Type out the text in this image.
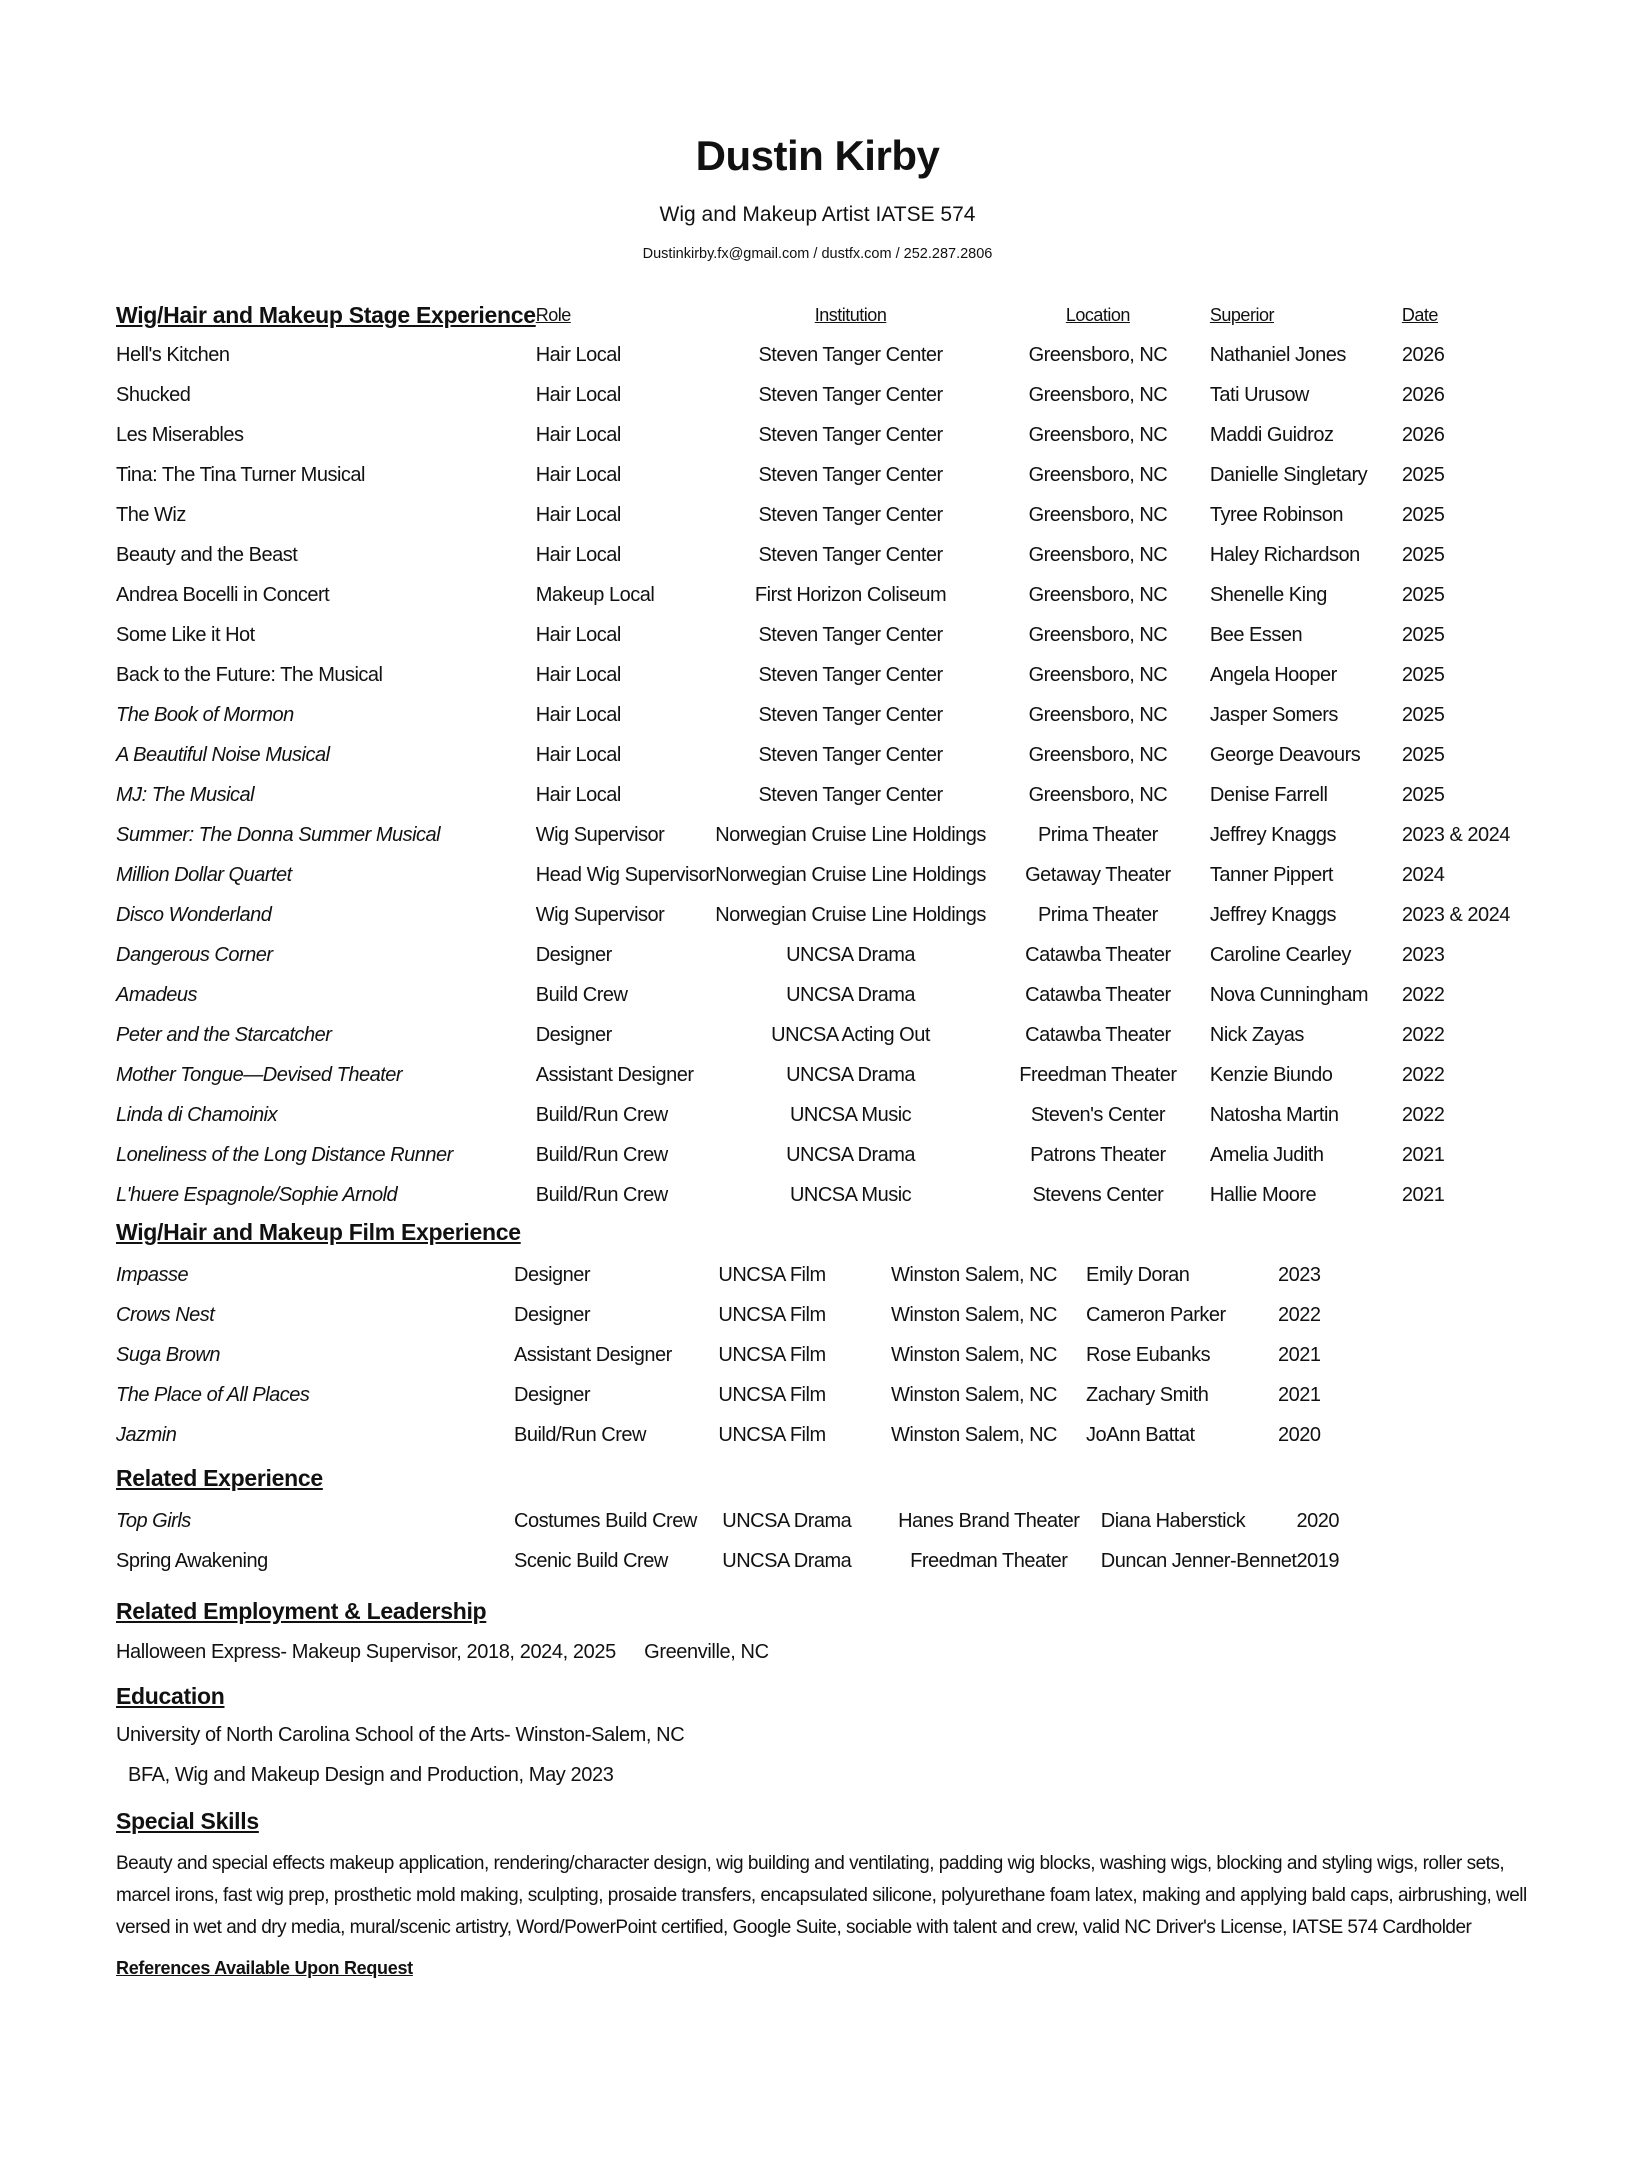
Dustin Kirby
Wig and Makeup Artist IATSE 574
Dustinkirby.fx@gmail.com / dustfx.com / 252.287.2806
Wig/Hair and Makeup Stage Experience	Role	Institution	Location	Superior	Date
Hell's Kitchen	Hair Local	Steven Tanger Center	Greensboro, NC	Nathaniel Jones	2026
Shucked	Hair Local	Steven Tanger Center	Greensboro, NC	Tati Urusow	2026
Les Miserables	Hair Local	Steven Tanger Center	Greensboro, NC	Maddi Guidroz	2026
Tina: The Tina Turner Musical	Hair Local	Steven Tanger Center	Greensboro, NC	Danielle Singletary	2025
The Wiz	Hair Local	Steven Tanger Center	Greensboro, NC	Tyree Robinson	2025
Beauty and the Beast	Hair Local	Steven Tanger Center	Greensboro, NC	Haley Richardson	2025
Andrea Bocelli in Concert	Makeup Local	First Horizon Coliseum	Greensboro, NC	Shenelle King	2025
Some Like it Hot	Hair Local	Steven Tanger Center	Greensboro, NC	Bee Essen	2025
Back to the Future: The Musical	Hair Local	Steven Tanger Center	Greensboro, NC	Angela Hooper	2025
The Book of Mormon	Hair Local	Steven Tanger Center	Greensboro, NC	Jasper Somers	2025
A Beautiful Noise Musical	Hair Local	Steven Tanger Center	Greensboro, NC	George Deavours	2025
MJ: The Musical	Hair Local	Steven Tanger Center	Greensboro, NC	Denise Farrell	2025
Summer: The Donna Summer Musical	Wig Supervisor	Norwegian Cruise Line Holdings	Prima Theater	Jeffrey Knaggs	2023 & 2024
Million Dollar Quartet	Head Wig Supervisor	Norwegian Cruise Line Holdings	Getaway Theater	Tanner Pippert	2024
Disco Wonderland	Wig Supervisor	Norwegian Cruise Line Holdings	Prima Theater	Jeffrey Knaggs	2023 & 2024
Dangerous Corner	Designer	UNCSA Drama	Catawba Theater	Caroline Cearley	2023
Amadeus	Build Crew	UNCSA Drama	Catawba Theater	Nova Cunningham	2022
Peter and the Starcatcher	Designer	UNCSA Acting Out	Catawba Theater	Nick Zayas	2022
Mother Tongue—Devised Theater	Assistant Designer	UNCSA Drama	Freedman Theater	Kenzie Biundo	2022
Linda di Chamoinix	Build/Run Crew	UNCSA Music	Steven's Center	Natosha Martin	2022
Loneliness of the Long Distance Runner	Build/Run Crew	UNCSA Drama	Patrons Theater	Amelia Judith	2021
L'huere Espagnole/Sophie Arnold	Build/Run Crew	UNCSA Music	Stevens Center	Hallie Moore	2021
Wig/Hair and Makeup Film Experience
Impasse	Designer	UNCSA Film	Winston Salem, NC	Emily Doran	2023
Crows Nest	Designer	UNCSA Film	Winston Salem, NC	Cameron Parker	2022
Suga Brown	Assistant Designer	UNCSA Film	Winston Salem, NC	Rose Eubanks	2021
The Place of All Places	Designer	UNCSA Film	Winston Salem, NC	Zachary Smith	2021
Jazmin	Build/Run Crew	UNCSA Film	Winston Salem, NC	JoAnn Battat	2020
Related Experience
Top Girls	Costumes Build Crew	UNCSA Drama	Hanes Brand Theater	Diana Haberstick	2020
Spring Awakening	Scenic Build Crew	UNCSA Drama	Freedman Theater	Duncan Jenner-Bennet	2019
Related Employment & Leadership
Halloween Express- Makeup Supervisor, 2018, 2024, 2025 Greenville, NC
Education
University of North Carolina School of the Arts- Winston-Salem, NC
BFA, Wig and Makeup Design and Production, May 2023
Special Skills
Beauty and special effects makeup application, rendering/character design, wig building and ventilating, padding wig blocks, washing wigs, blocking and styling wigs, roller sets, marcel irons, fast wig prep, prosthetic mold making, sculpting, prosaide transfers, encapsulated silicone, polyurethane foam latex, making and applying bald caps, airbrushing, well versed in wet and dry media, mural/scenic artistry, Word/PowerPoint certified, Google Suite, sociable with talent and crew, valid NC Driver's License, IATSE 574 Cardholder
References Available Upon Request
